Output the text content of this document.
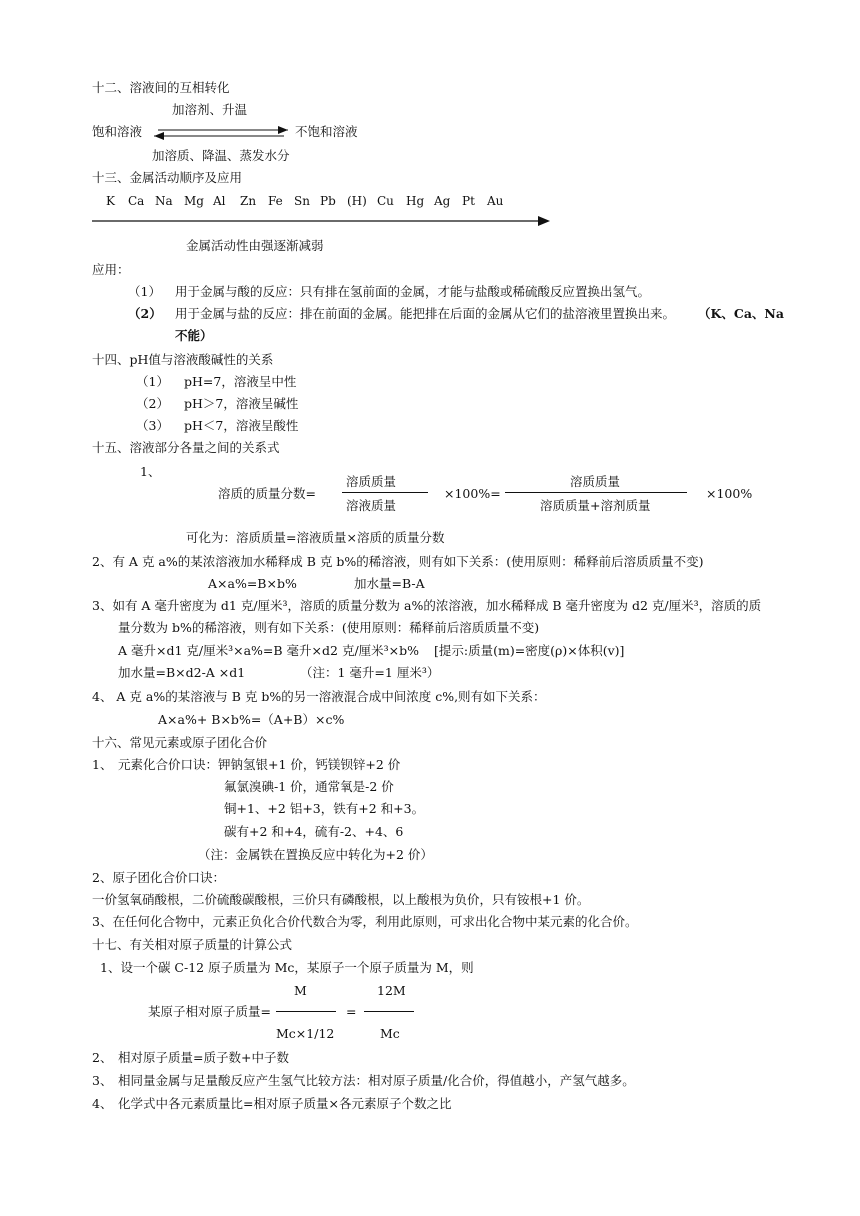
十二、溶液间的互相转化
加溶剂、升温
饱和溶液	不饱和溶液
加溶质、降温、蒸发水分
十三、金属活动顺序及应用
K Ca Na Mg Al Zn Fe Sn Pb (H) Cu Hg Ag Pt Au
金属活动性由强逐渐减弱
应用：
（1） 用于金属与酸的反应：只有排在氢前面的金属，才能与盐酸或稀硫酸反应置换出氢气。
（2） 用于金属与盐的反应：排在前面的金属。能把排在后面的金属从它们的盐溶液里置换出来。 （K、Ca、Na
不能）
十四、pH值与溶液酸碱性的关系
（1） pH=7，溶液呈中性
（2） pH＞7，溶液呈碱性
（3） pH＜7，溶液呈酸性
十五、溶液部分各量之间的关系式
1、
溶质的质量分数=
溶质质量
溶液质量
×100%=
溶质质量
溶质质量+溶剂质量
×100%
可化为：溶质质量=溶液质量×溶质的质量分数
2、有 A 克 a%的某浓溶液加水稀释成 B 克 b%的稀溶液，则有如下关系：(使用原则：稀释前后溶质质量不变)
A×a%=B×b%	加水量=B-A
3、如有 A 毫升密度为 d1 克/厘米³，溶质的质量分数为 a%的浓溶液，加水稀释成 B 毫升密度为 d2 克/厘米³，溶质的质
量分数为 b%的稀溶液，则有如下关系：(使用原则：稀释前后溶质质量不变)
A 毫升×d1 克/厘米³×a%=B 毫升×d2 克/厘米³×b% [提示:质量(m)=密度(ρ)×体积(v)]
加水量=B×d2-A ×d1	（注：1 毫升=1 厘米³）
4、 A 克 a%的某溶液与 B 克 b%的另一溶液混合成中间浓度 c%,则有如下关系：
A×a%+ B×b%=（A+B）×c%
十六、常见元素或原子团化合价
1、 元素化合价口诀：钾钠氢银+1 价，钙镁钡锌+2 价
氟氯溴碘-1 价，通常氧是-2 价
铜+1、+2 铝+3，铁有+2 和+3。
碳有+2 和+4，硫有-2、+4、6
（注：金属铁在置换反应中转化为+2 价）
2、原子团化合价口诀：
一价氢氧硝酸根，二价硫酸碳酸根，三价只有磷酸根，以上酸根为负价，只有铵根+1 价。
3、在任何化合物中，元素正负化合价代数合为零，利用此原则，可求出化合物中某元素的化合价。
十七、有关相对原子质量的计算公式
1、设一个碳 C-12 原子质量为 Mc，某原子一个原子质量为 M，则
某原子相对原子质量=
M
Mc×1/12
=
12M
Mc
2、 相对原子质量=质子数+中子数
3、 相同量金属与足量酸反应产生氢气比较方法：相对原子质量/化合价，得值越小，产氢气越多。
4、 化学式中各元素质量比=相对原子质量×各元素原子个数之比
